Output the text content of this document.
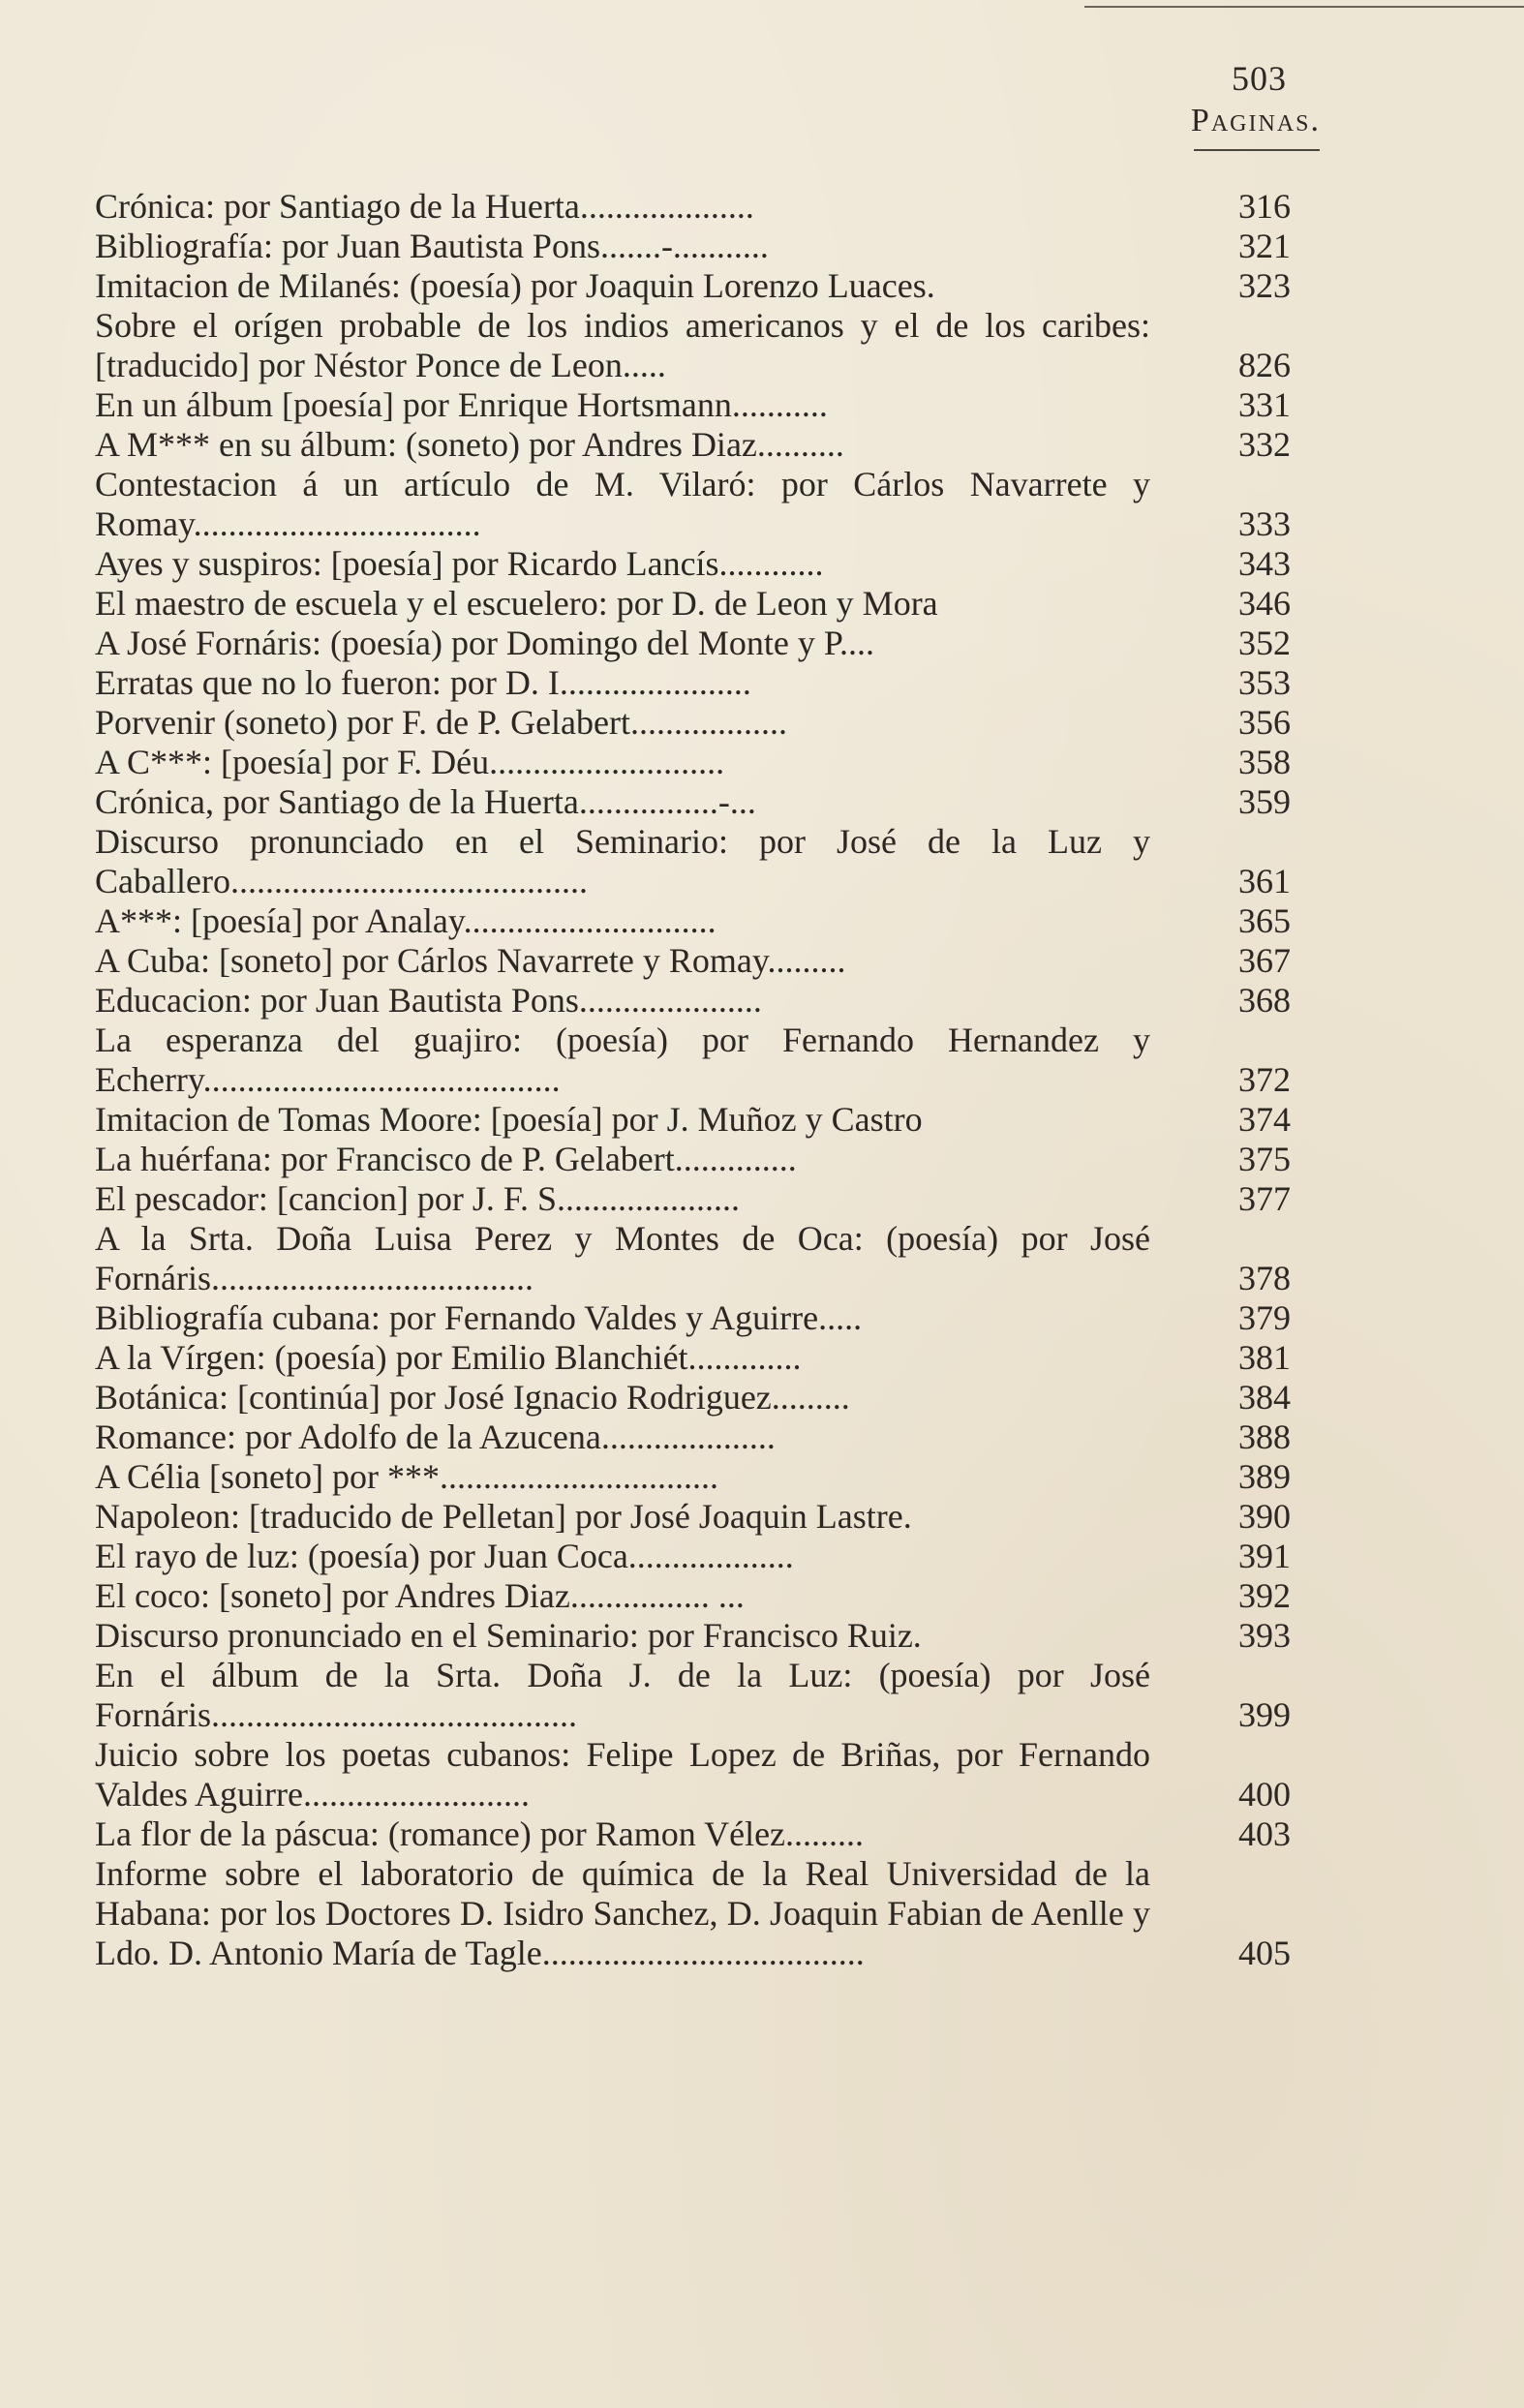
503
Paginas.
Crónica: por Santiago de la Huerta....................	316
Bibliografía: por Juan Bautista Pons.......-...........	321
Imitacion de Milanés: (poesía) por Joaquin Lorenzo Luaces.	323
Sobre el orígen probable de los indios americanos y el de los caribes: [traducido] por Néstor Ponce de Leon.....	826
En un álbum [poesía] por Enrique Hortsmann...........	331
A M*** en su álbum: (soneto) por Andres Diaz..........	332
Contestacion á un artículo de M. Vilaró: por Cárlos Navarrete y Romay.................................	333
Ayes y suspiros: [poesía] por Ricardo Lancís............	343
El maestro de escuela y el escuelero: por D. de Leon y Mora	346
A José Fornáris: (poesía) por Domingo del Monte y P....	352
Erratas que no lo fueron: por D. I......................	353
Porvenir (soneto) por F. de P. Gelabert..................	356
A C***: [poesía] por F. Déu...........................	358
Crónica, por Santiago de la Huerta................-...	359
Discurso pronunciado en el Seminario: por José de la Luz y Caballero.........................................	361
A***: [poesía] por Analay.............................	365
A Cuba: [soneto] por Cárlos Navarrete y Romay.........	367
Educacion: por Juan Bautista Pons.....................	368
La esperanza del guajiro: (poesía) por Fernando Hernandez y Echerry.........................................	372
Imitacion de Tomas Moore: [poesía] por J. Muñoz y Castro	374
La huérfana: por Francisco de P. Gelabert..............	375
El pescador: [cancion] por J. F. S.....................	377
A la Srta. Doña Luisa Perez y Montes de Oca: (poesía) por José Fornáris.....................................	378
Bibliografía cubana: por Fernando Valdes y Aguirre.....	379
A la Vírgen: (poesía) por Emilio Blanchiét.............	381
Botánica: [continúa] por José Ignacio Rodriguez.........	384
Romance: por Adolfo de la Azucena....................	388
A Célia [soneto] por ***................................	389
Napoleon: [traducido de Pelletan] por José Joaquin Lastre.	390
El rayo de luz: (poesía) por Juan Coca...................	391
El coco: [soneto] por Andres Diaz................ ...	392
Discurso pronunciado en el Seminario: por Francisco Ruiz.	393
En el álbum de la Srta. Doña J. de la Luz: (poesía) por José Fornáris..........................................	399
Juicio sobre los poetas cubanos: Felipe Lopez de Briñas, por Fernando Valdes Aguirre..........................	400
La flor de la páscua: (romance) por Ramon Vélez.........	403
Informe sobre el laboratorio de química de la Real Universidad de la Habana: por los Doctores D. Isidro Sanchez, D. Joaquin Fabian de Aenlle y Ldo. D. Antonio María de Tagle.....................................	405
